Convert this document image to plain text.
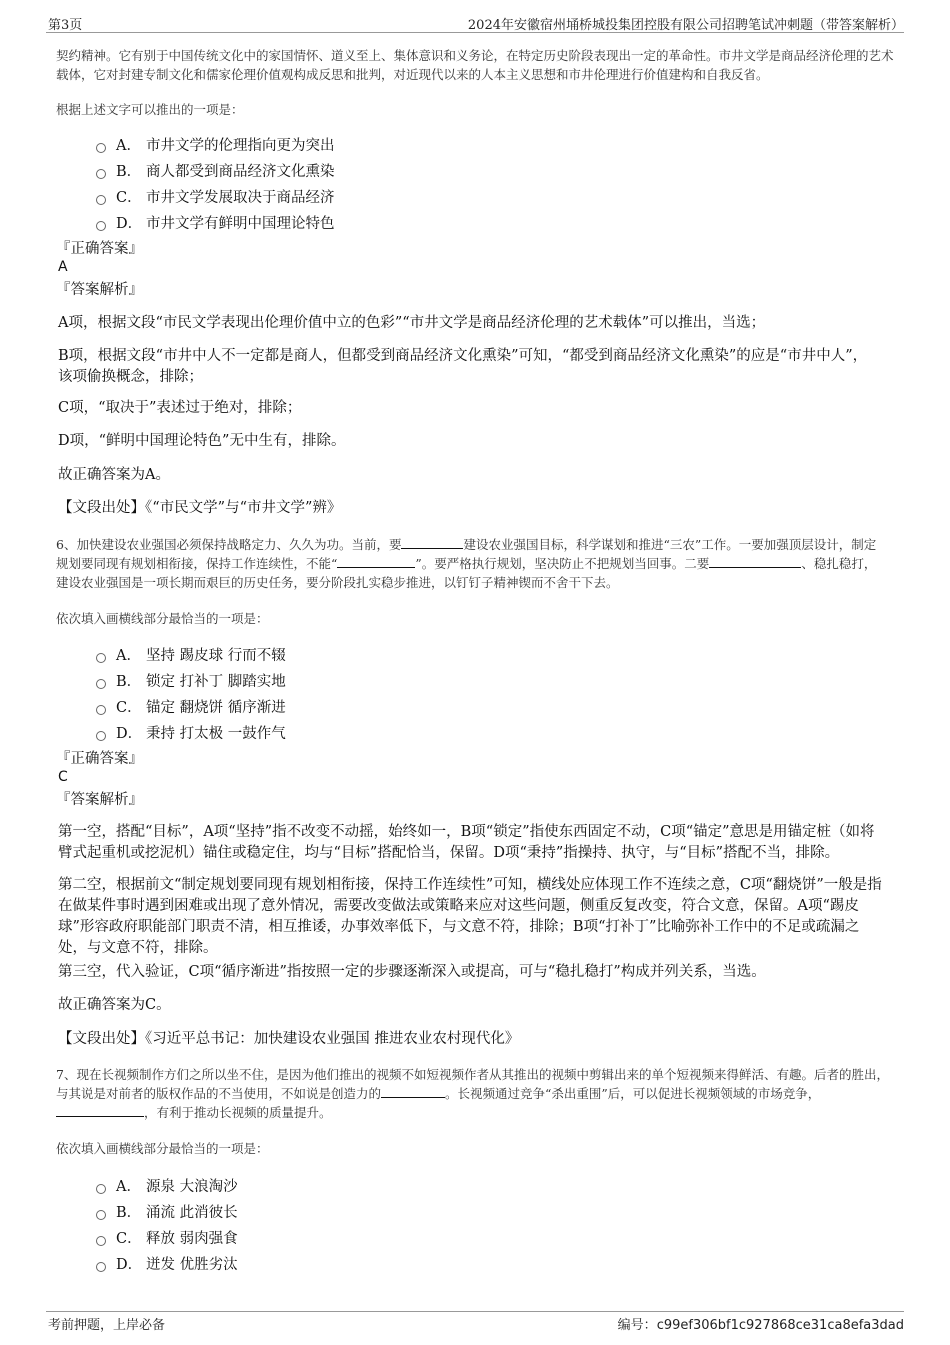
第3页	2024年安徽宿州埇桥城投集团控股有限公司招聘笔试冲刺题（带答案解析）
契约精神。它有别于中国传统文化中的家国情怀、道义至上、集体意识和义务论，在特定历史阶段表现出一定的革命性。市井文学是商品经济伦理的艺术载体，它对封建专制文化和儒家伦理价值观构成反思和批判，对近现代以来的人本主义思想和市井伦理进行价值建构和自我反省。
根据上述文字可以推出的一项是：
A． 市井文学的伦理指向更为突出
B． 商人都受到商品经济文化熏染
C． 市井文学发展取决于商品经济
D． 市井文学有鲜明中国理论特色
『正确答案』
A
『答案解析』
A项，根据文段“市民文学表现出伦理价值中立的色彩”“市井文学是商品经济伦理的艺术载体”可以推出，当选；
B项，根据文段“市井中人不一定都是商人，但都受到商品经济文化熏染”可知，“都受到商品经济文化熏染”的应是“市井中人”，该项偷换概念，排除；
C项，“取决于”表述过于绝对，排除；
D项，“鲜明中国理论特色”无中生有，排除。
故正确答案为A。
【文段出处】《“市民文学”与“市井文学”辨》
6、加快建设农业强国必须保持战略定力、久久为功。当前，要	建设农业强国目标，科学谋划和推进“三农”工作。一要加强顶层设计，制定规划要同现有规划相衔接，保持工作连续性，不能“	”。要严格执行规划，坚决防止不把规划当回事。二要	、稳扎稳打，建设农业强国是一项长期而艰巨的历史任务，要分阶段扎实稳步推进，以钉钉子精神锲而不舍干下去。
依次填入画横线部分最恰当的一项是：
A． 坚持 踢皮球 行而不辍
B． 锁定 打补丁 脚踏实地
C． 锚定 翻烧饼 循序渐进
D． 秉持 打太极 一鼓作气
『正确答案』
C
『答案解析』
第一空，搭配“目标”，A项“坚持”指不改变不动摇，始终如一，B项“锁定”指使东西固定不动，C项“锚定”意思是用锚定桩（如将臂式起重机或挖泥机）锚住或稳定住，均与“目标”搭配恰当，保留。D项“秉持”指操持、执守，与“目标”搭配不当，排除。
第二空，根据前文“制定规划要同现有规划相衔接，保持工作连续性”可知，横线处应体现工作不连续之意，C项“翻烧饼”一般是指在做某件事时遇到困难或出现了意外情况，需要改变做法或策略来应对这些问题，侧重反复改变，符合文意，保留。A项“踢皮球”形容政府职能部门职责不清，相互推诿，办事效率低下，与文意不符，排除；B项“打补丁”比喻弥补工作中的不足或疏漏之处，与文意不符，排除。
第三空，代入验证，C项“循序渐进”指按照一定的步骤逐渐深入或提高，可与“稳扎稳打”构成并列关系，当选。
故正确答案为C。
【文段出处】《习近平总书记：加快建设农业强国 推进农业农村现代化》
7、现在长视频制作方们之所以坐不住，是因为他们推出的视频不如短视频作者从其推出的视频中剪辑出来的单个短视频来得鲜活、有趣。后者的胜出，与其说是对前者的版权作品的不当使用，不如说是创造力的	。长视频通过竞争“杀出重围”后，可以促进长视频领域的市场竞争，，有利于推动长视频的质量提升。
依次填入画横线部分最恰当的一项是：
A． 源泉 大浪淘沙
B． 涌流 此消彼长
C． 释放 弱肉强食
D． 迸发 优胜劣汰
考前押题，上岸必备	编号：c99ef306bf1c927868ce31ca8efa3dad
